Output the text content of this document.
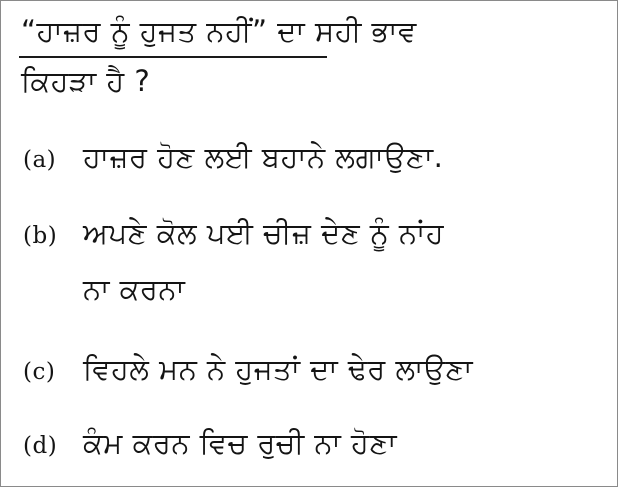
“ਹਾਜ਼ਰ ਨੂੰ ਹੁਜਤ ਨਹੀਂ” ਦਾ ਸਹੀ ਭਾਵ
ਕਿਹੜਾ ਹੈ ?
(a) ਹਾਜ਼ਰ ਹੋਣ ਲਈ ਬਹਾਨੇ ਲਗਾਉਣਾ.
(b) ਅਪਣੇ ਕੋਲ ਪਈ ਚੀਜ਼ ਦੇਣ ਨੂੰ ਨਾਂਹ
ਨਾ ਕਰਨਾ
(c) ਵਿਹਲੇ ਮਨ ਨੇ ਹੁਜਤਾਂ ਦਾ ਢੇਰ ਲਾਉਣਾ
(d) ਕੰਮ ਕਰਨ ਵਿਚ ਰੁਚੀ ਨਾ ਹੋਣਾ
